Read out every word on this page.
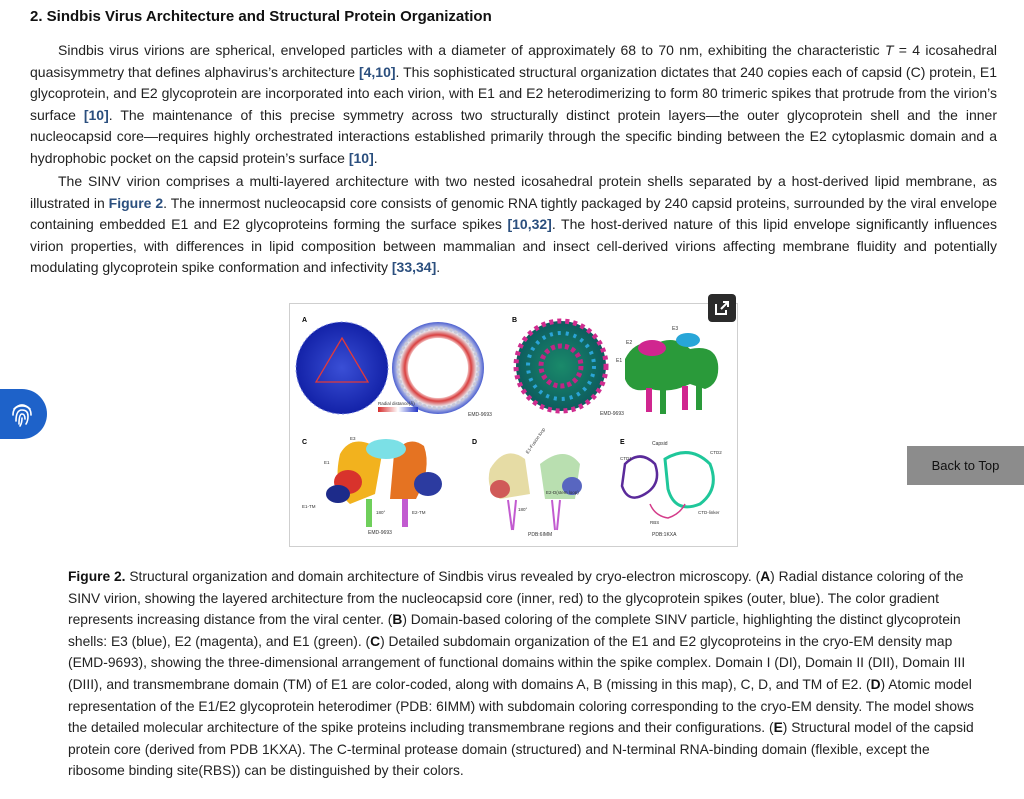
2. Sindbis Virus Architecture and Structural Protein Organization

Sindbis virus virions are spherical, enveloped particles with a diameter of approximately 68 to 70 nm, exhibiting the characteristic T = 4 icosahedral quasisymmetry that defines alphavirus’s architecture [4,10]. This sophisticated structural organization dictates that 240 copies each of capsid (C) protein, E1 glycoprotein, and E2 glycoprotein are incorporated into each virion, with E1 and E2 heterodimerizing to form 80 trimeric spikes that protrude from the virion’s surface [10]. The maintenance of this precise symmetry across two structurally distinct protein layers—the outer glycoprotein shell and the inner nucleocapsid core—requires highly orchestrated interactions established primarily through the specific binding between the E2 cytoplasmic domain and a hydrophobic pocket on the capsid protein’s surface [10].

The SINV virion comprises a multi-layered architecture with two nested icosahedral protein shells separated by a host-derived lipid membrane, as illustrated in Figure 2. The innermost nucleocapsid core consists of genomic RNA tightly packaged by 240 capsid proteins, surrounded by the viral envelope containing embedded E1 and E2 glycoproteins forming the surface spikes [10,32]. The host-derived nature of this lipid envelope significantly influences virion properties, with differences in lipid composition between mammalian and insect cell-derived virions affecting membrane fluidity and potentially modulating glycoprotein spike conformation and infectivity [33,34].

A
Radial distance(Å)
EMD-9693
B
EMD-9693
E2
E3
E1
C
E3
E1
E1-TM
E2-TM
180°
EMD-9693
D	E1-Fusion loop
180°
E2-D(stem loop)
PDB:6IMM
E	Capsid
CTD1
CTD2
CTD-linker
RBS
PDB:1KXA
Back to Top

Figure 2. Structural organization and domain architecture of Sindbis virus revealed by cryo-electron microscopy. (A) Radial distance coloring of the SINV virion, showing the layered architecture from the nucleocapsid core (inner, red) to the glycoprotein spikes (outer, blue). The color gradient represents increasing distance from the viral center. (B) Domain-based coloring of the complete SINV particle, highlighting the distinct glycoprotein shells: E3 (blue), E2 (magenta), and E1 (green). (C) Detailed subdomain organization of the E1 and E2 glycoproteins in the cryo-EM density map (EMD-9693), showing the three-dimensional arrangement of functional domains within the spike complex. Domain I (DI), Domain II (DII), Domain III (DIII), and transmembrane domain (TM) of E1 are color-coded, along with domains A, B (missing in this map), C, D, and TM of E2. (D) Atomic model representation of the E1/E2 glycoprotein heterodimer (PDB: 6IMM) with subdomain coloring corresponding to the cryo-EM density. The model shows the detailed molecular architecture of the spike proteins including transmembrane regions and their configurations. (E) Structural model of the capsid protein core (derived from PDB 1KXA). The C-terminal protease domain (structured) and N-terminal RNA-binding domain (flexible, except the ribosome binding site(RBS)) can be distinguished by their colors.
